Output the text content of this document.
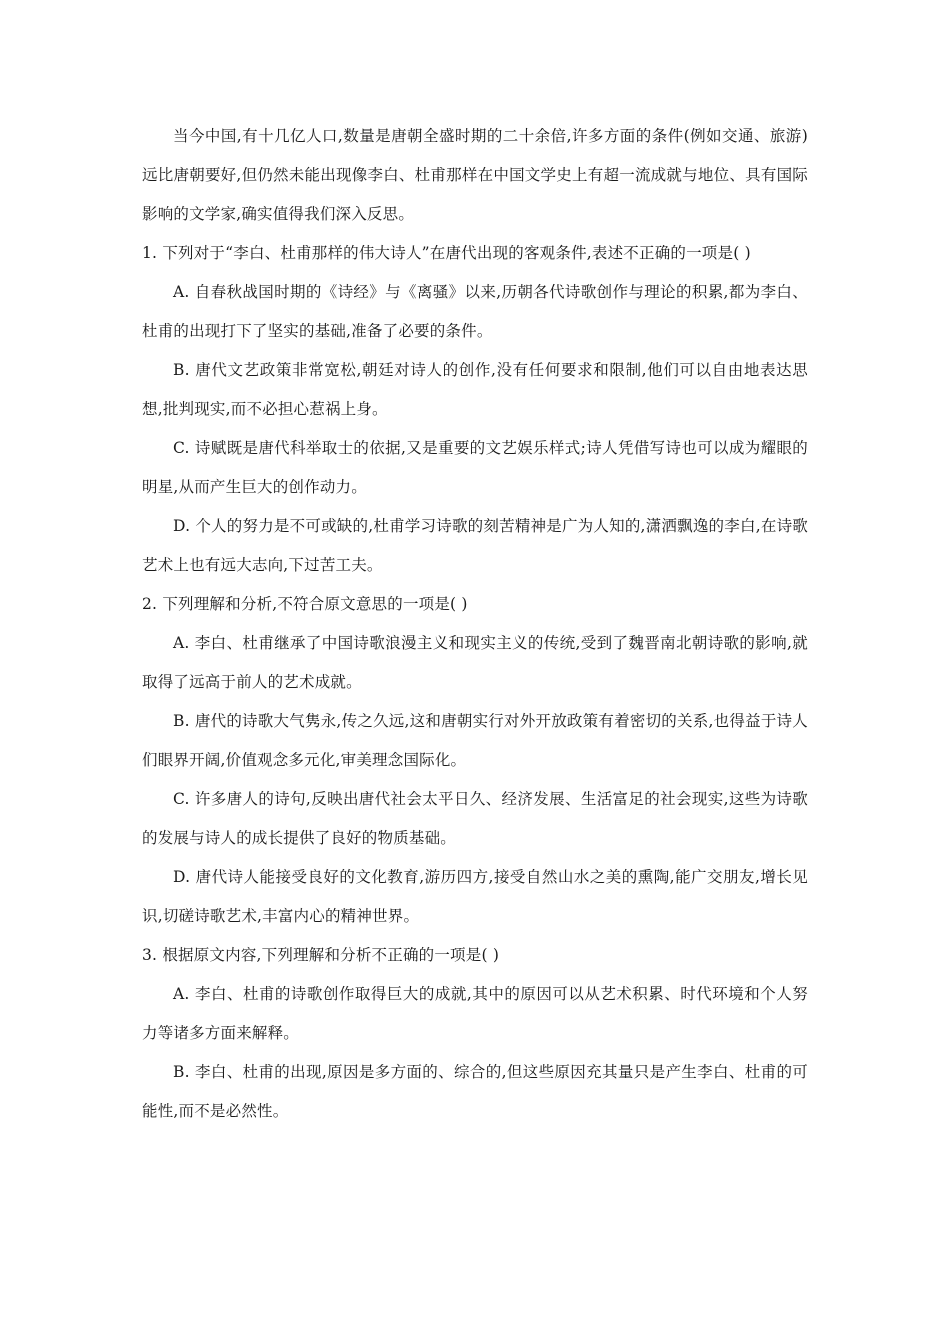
当今中国,有十几亿人口,数量是唐朝全盛时期的二十余倍,许多方面的条件(例如交通、旅游)远比唐朝要好,但仍然未能出现像李白、杜甫那样在中国文学史上有超一流成就与地位、具有国际影响的文学家,确实值得我们深入反思。

1. 下列对于“李白、杜甫那样的伟大诗人”在唐代出现的客观条件,表述不正确的一项是( )

A. 自春秋战国时期的《诗经》与《离骚》以来,历朝各代诗歌创作与理论的积累,都为李白、杜甫的出现打下了坚实的基础,准备了必要的条件。

B. 唐代文艺政策非常宽松,朝廷对诗人的创作,没有任何要求和限制,他们可以自由地表达思想,批判现实,而不必担心惹祸上身。

C. 诗赋既是唐代科举取士的依据,又是重要的文艺娱乐样式;诗人凭借写诗也可以成为耀眼的明星,从而产生巨大的创作动力。

D. 个人的努力是不可或缺的,杜甫学习诗歌的刻苦精神是广为人知的,潇洒飘逸的李白,在诗歌艺术上也有远大志向,下过苦工夫。

2. 下列理解和分析,不符合原文意思的一项是( )

A. 李白、杜甫继承了中国诗歌浪漫主义和现实主义的传统,受到了魏晋南北朝诗歌的影响,就取得了远高于前人的艺术成就。

B. 唐代的诗歌大气隽永,传之久远,这和唐朝实行对外开放政策有着密切的关系,也得益于诗人们眼界开阔,价值观念多元化,审美理念国际化。

C. 许多唐人的诗句,反映出唐代社会太平日久、经济发展、生活富足的社会现实,这些为诗歌的发展与诗人的成长提供了良好的物质基础。

D. 唐代诗人能接受良好的文化教育,游历四方,接受自然山水之美的熏陶,能广交朋友,增长见识,切磋诗歌艺术,丰富内心的精神世界。

3. 根据原文内容,下列理解和分析不正确的一项是( )

A. 李白、杜甫的诗歌创作取得巨大的成就,其中的原因可以从艺术积累、时代环境和个人努力等诸多方面来解释。

B. 李白、杜甫的出现,原因是多方面的、综合的,但这些原因充其量只是产生李白、杜甫的可能性,而不是必然性。
